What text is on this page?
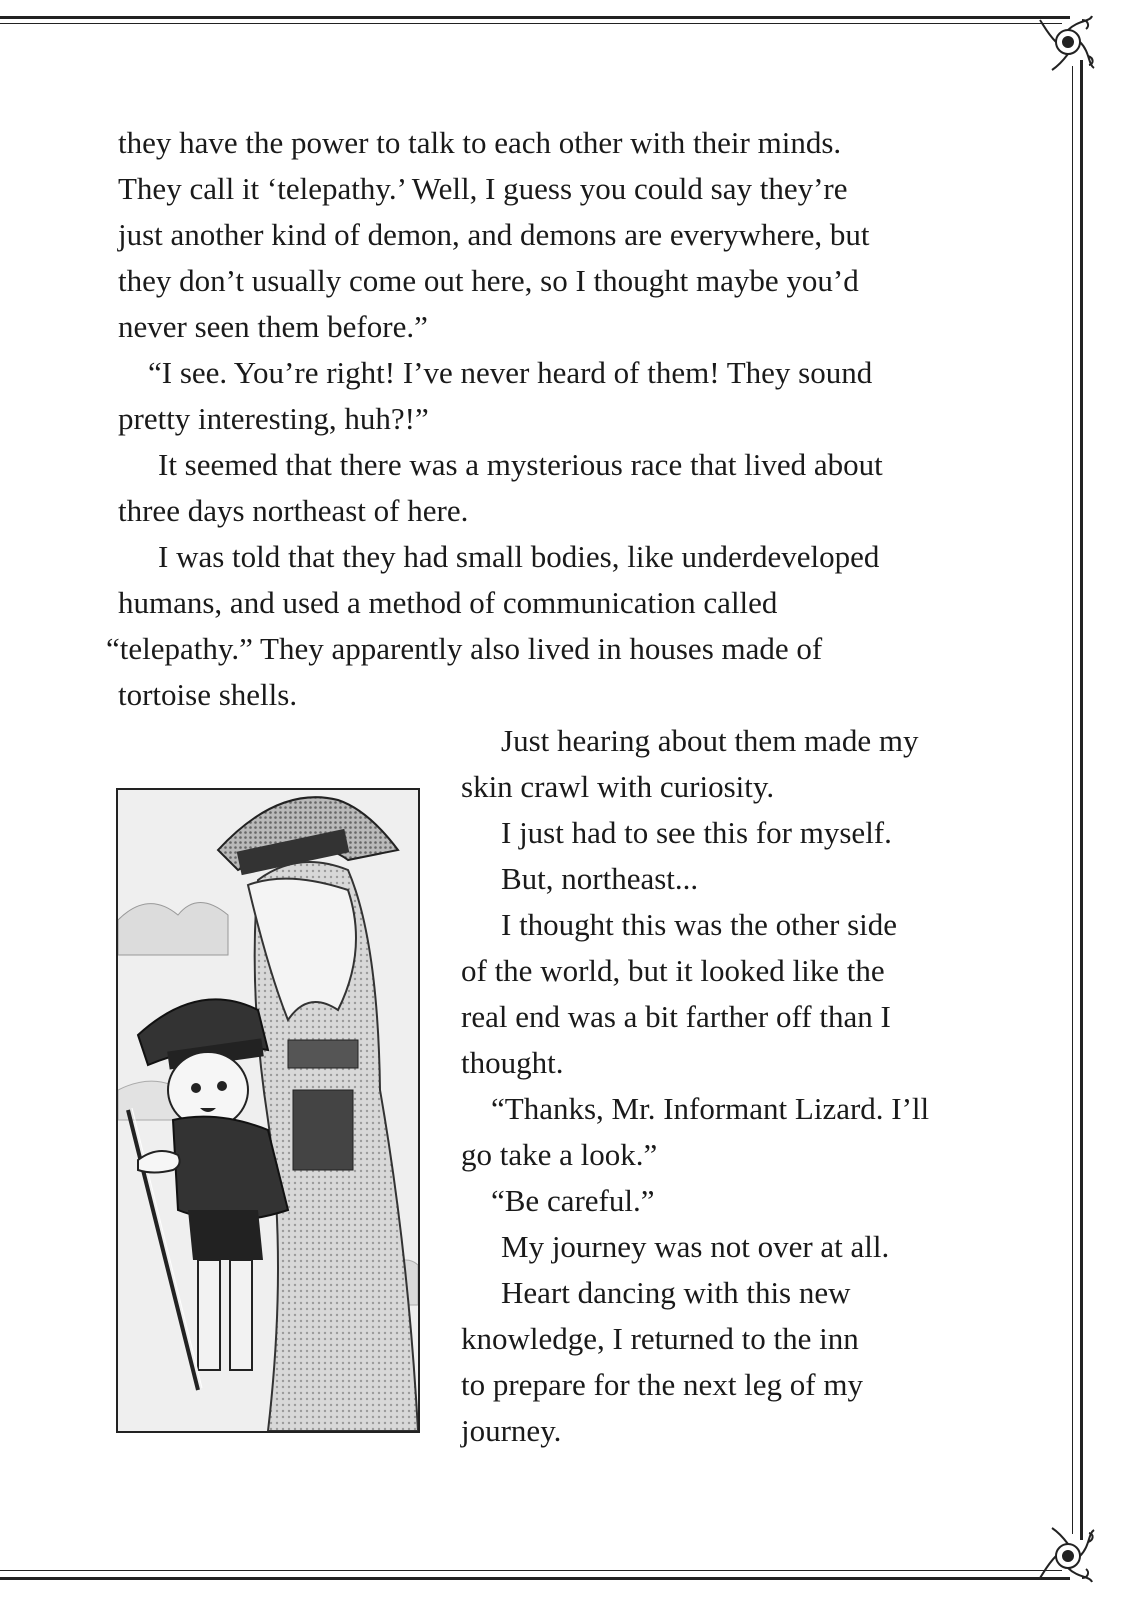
they have the power to talk to each other with their minds.

They call it ‘telepathy.’ Well, I guess you could say they’re

just another kind of demon, and demons are everywhere, but

they don’t usually come out here, so I thought maybe you’d

never seen them before.”

“I see. You’re right! I’ve never heard of them! They sound

pretty interesting, huh?!”

It seemed that there was a mysterious race that lived about

three days northeast of here.

I was told that they had small bodies, like underdeveloped

humans, and used a method of communication called

“telepathy.” They apparently also lived in houses made of

tortoise shells.

Just hearing about them made my

skin crawl with curiosity.

I just had to see this for myself.

But, northeast...

I thought this was the other side

of the world, but it looked like the

real end was a bit farther off than I

thought.

“Thanks, Mr. Informant Lizard. I’ll

go take a look.”

“Be careful.”

My journey was not over at all.

Heart dancing with this new

knowledge, I returned to the inn

to prepare for the next leg of my

journey.
